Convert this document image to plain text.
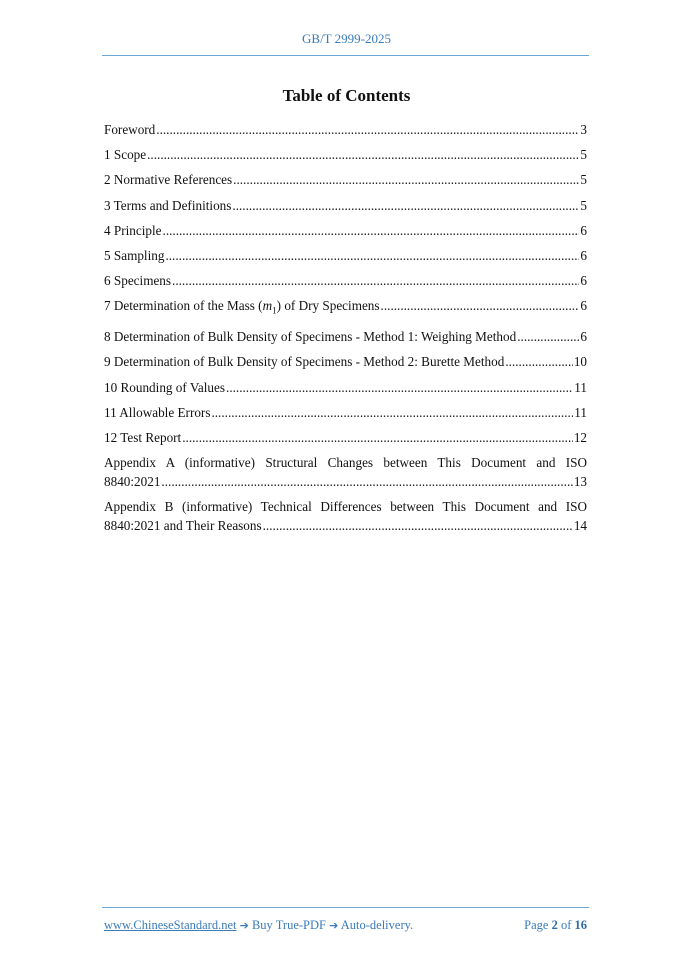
GB/T 2999-2025
Table of Contents
Foreword .....	3
1 Scope .....	5
2 Normative References .....	5
3 Terms and Definitions .....	5
4 Principle .....	6
5 Sampling .....	6
6 Specimens .....	6
7 Determination of the Mass $(m_1)$ of Dry Specimens .....	6
8 Determination of Bulk Density of Specimens - Method 1: Weighing Method .....	6
9 Determination of Bulk Density of Specimens - Method 2: Burette Method .....	10
10 Rounding of Values .....	11
11 Allowable Errors .....	11
12 Test Report .....	12
Appendix A (informative) Structural Changes between This Document and ISO
8840:2021 .....	13
Appendix B (informative) Technical Differences between This Document and ISO
8840:2021 and Their Reasons .....	14
www.ChineseStandard.net ➔ Buy True-PDF ➔ Auto-delivery.	Page 2 of 16
